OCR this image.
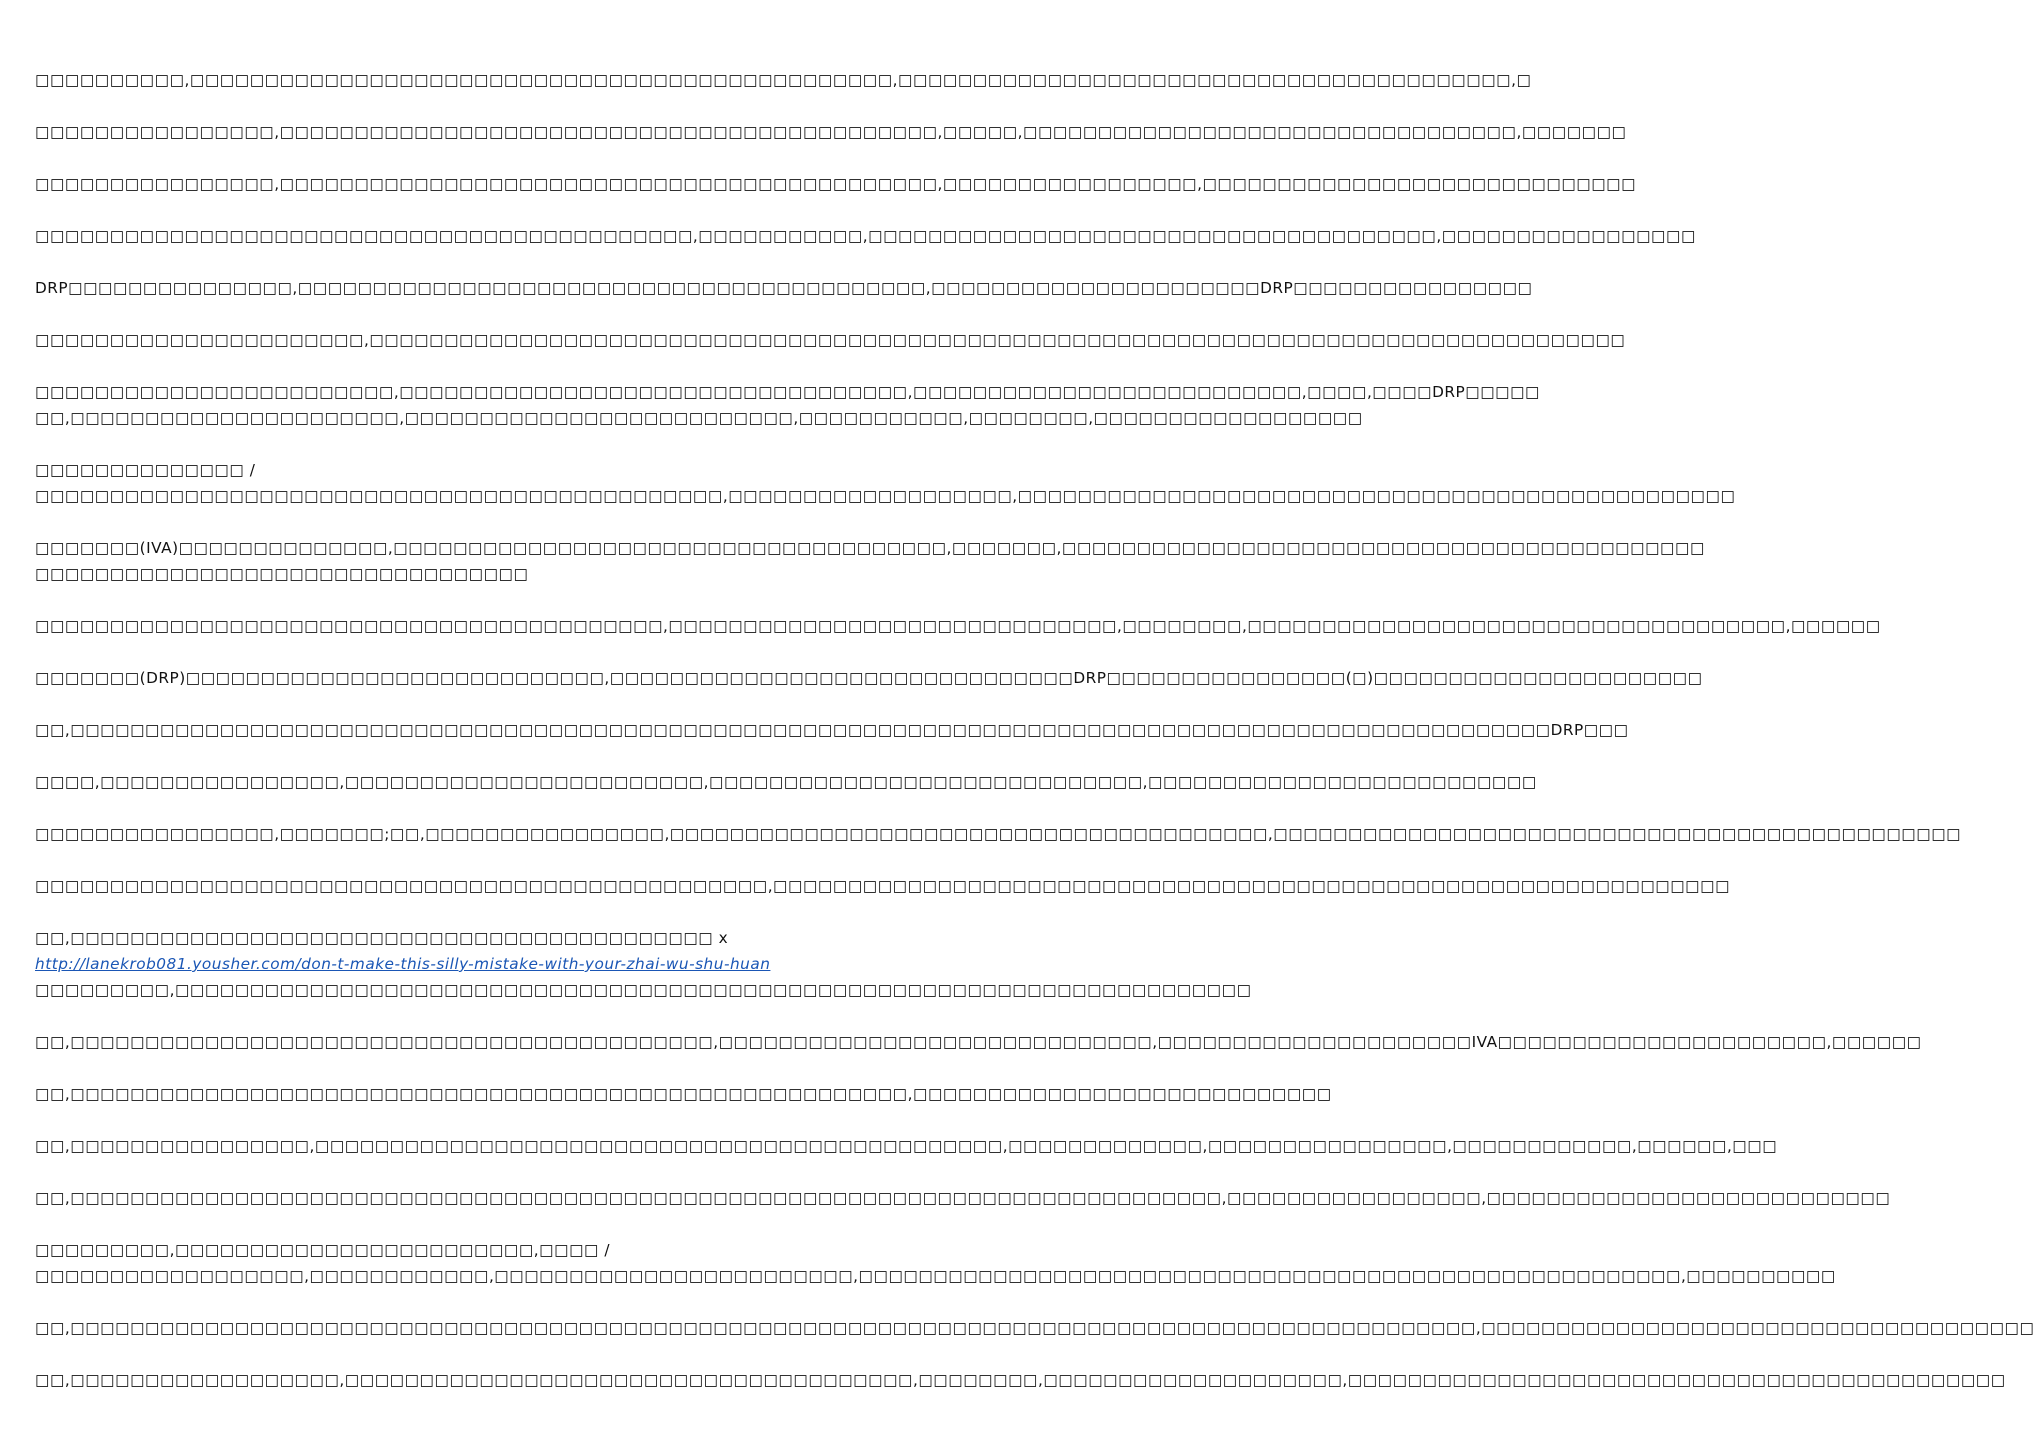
□□□□□□□□□□,□□□□□□□□□□□□□□□□□□□□□□□□□□□□□□□□□□□□□□□□□□□□□□□,□□□□□□□□□□□□□□□□□□□□□□□□□□□□□□□□□□□□□□□□□,□
□□□□□□□□□□□□□□□□,□□□□□□□□□□□□□□□□□□□□□□□□□□□□□□□□□□□□□□□□□□□□,□□□□□,□□□□□□□□□□□□□□□□□□□□□□□□□□□□□□□□□,□□□□□□□
□□□□□□□□□□□□□□□□,□□□□□□□□□□□□□□□□□□□□□□□□□□□□□□□□□□□□□□□□□□□□,□□□□□□□□□□□□□□□□□,□□□□□□□□□□□□□□□□□□□□□□□□□□□□□
□□□□□□□□□□□□□□□□□□□□□□□□□□□□□□□□□□□□□□□□□□□□,□□□□□□□□□□□,□□□□□□□□□□□□□□□□□□□□□□□□□□□□□□□□□□□□□□,□□□□□□□□□□□□□□□□□
DRP□□□□□□□□□□□□□□□,□□□□□□□□□□□□□□□□□□□□□□□□□□□□□□□□□□□□□□□□□□,□□□□□□□□□□□□□□□□□□□□□□DRP□□□□□□□□□□□□□□□□
□□□□□□□□□□□□□□□□□□□□□□,□□□□□□□□□□□□□□□□□□□□□□□□□□□□□□□□□□□□□□□□□□□□□□□□□□□□□□□□□□□□□□□□□□□□□□□□□□□□□□□□□□□□
□□□□□□□□□□□□□□□□□□□□□□□□,□□□□□□□□□□□□□□□□□□□□□□□□□□□□□□□□□□,□□□□□□□□□□□□□□□□□□□□□□□□□□,□□□□,□□□□DRP□□□□□
□□,□□□□□□□□□□□□□□□□□□□□□□,□□□□□□□□□□□□□□□□□□□□□□□□□□,□□□□□□□□□□□,□□□□□□□□,□□□□□□□□□□□□□□□□□□
□□□□□□□□□□□□□□ /
□□□□□□□□□□□□□□□□□□□□□□□□□□□□□□□□□□□□□□□□□□□□□□,□□□□□□□□□□□□□□□□□□□,□□□□□□□□□□□□□□□□□□□□□□□□□□□□□□□□□□□□□□□□□□□□□□□□
□□□□□□□(IVA)□□□□□□□□□□□□□□,□□□□□□□□□□□□□□□□□□□□□□□□□□□□□□□□□□□□□,□□□□□□□,□□□□□□□□□□□□□□□□□□□□□□□□□□□□□□□□□□□□□□□□□□□
□□□□□□□□□□□□□□□□□□□□□□□□□□□□□□□□□
□□□□□□□□□□□□□□□□□□□□□□□□□□□□□□□□□□□□□□□□□□,□□□□□□□□□□□□□□□□□□□□□□□□□□□□□□,□□□□□□□□,□□□□□□□□□□□□□□□□□□□□□□□□□□□□□□□□□□□□,□□□□□□
□□□□□□□(DRP)□□□□□□□□□□□□□□□□□□□□□□□□□□□□,□□□□□□□□□□□□□□□□□□□□□□□□□□□□□□□DRP□□□□□□□□□□□□□□□□(□)□□□□□□□□□□□□□□□□□□□□□□
□□,□□□□□□□□□□□□□□□□□□□□□□□□□□□□□□□□□□□□□□□□□□□□□□□□□□□□□□□□□□□□□□□□□□□□□□□□□□□□□□□□□□□□□□□□□□□□□□□□□□□DRP□□□
□□□□,□□□□□□□□□□□□□□□□,□□□□□□□□□□□□□□□□□□□□□□□□,□□□□□□□□□□□□□□□□□□□□□□□□□□□□□,□□□□□□□□□□□□□□□□□□□□□□□□□□
□□□□□□□□□□□□□□□□,□□□□□□□;□□,□□□□□□□□□□□□□□□□,□□□□□□□□□□□□□□□□□□□□□□□□□□□□□□□□□□□□□□□□,□□□□□□□□□□□□□□□□□□□□□□□□□□□□□□□□□□□□□□□□□□□□□□
□□□□□□□□□□□□□□□□□□□□□□□□□□□□□□□□□□□□□□□□□□□□□□□□□,□□□□□□□□□□□□□□□□□□□□□□□□□□□□□□□□□□□□□□□□□□□□□□□□□□□□□□□□□□□□□□□□
□□,□□□□□□□□□□□□□□□□□□□□□□□□□□□□□□□□□□□□□□□□□□□ x http://lanekrob081.yousher.com/don-t-make-this-silly-mistake-with-your-zhai-wu-shu-huan □□□□□□□□□,□□□□□□□□□□□□□□□□□□□□□□□□□□□□□□□□□□□□□□□□□□□□□□□□□□□□□□□□□□□□□□□□□□□□□□□□
□□,□□□□□□□□□□□□□□□□□□□□□□□□□□□□□□□□□□□□□□□□□□□,□□□□□□□□□□□□□□□□□□□□□□□□□□□□□,□□□□□□□□□□□□□□□□□□□□□IVA□□□□□□□□□□□□□□□□□□□□□□,□□□□□□
□□,□□□□□□□□□□□□□□□□□□□□□□□□□□□□□□□□□□□□□□□□□□□□□□□□□□□□□□□□,□□□□□□□□□□□□□□□□□□□□□□□□□□□□
□□,□□□□□□□□□□□□□□□□,□□□□□□□□□□□□□□□□□□□□□□□□□□□□□□□□□□□□□□□□□□□□□□,□□□□□□□□□□□□□,□□□□□□□□□□□□□□□□,□□□□□□□□□□□□,□□□□□□,□□□
□□,□□□□□□□□□□□□□□□□□□□□□□□□□□□□□□□□□□□□□□□□□□□□□□□□□□□□□□□□□□□□□□□□□□□□□□□□□□□□□,□□□□□□□□□□□□□□□□□,□□□□□□□□□□□□□□□□□□□□□□□□□□□
□□□□□□□□□,□□□□□□□□□□□□□□□□□□□□□□□□,□□□□ /
□□□□□□□□□□□□□□□□□□,□□□□□□□□□□□□,□□□□□□□□□□□□□□□□□□□□□□□□,□□□□□□□□□□□□□□□□□□□□□□□□□□□□□□□□□□□□□□□□□□□□□□□□□□□□□□□,□□□□□□□□□□
□□,□□□□□□□□□□□□□□□□□□□□□□□□□□□□□□□□□□□□□□□□□□□□□□□□□□□□□□□□□□□□□□□□□□□□□□□□□□□□□□□□□□□□□□□□□□□□□□,□□□□□□□□□□□□□□□□□□□□□□□□□□□□□□□□□□□□□
□□,□□□□□□□□□□□□□□□□□□,□□□□□□□□□□□□□□□□□□□□□□□□□□□□□□□□□□□□□□,□□□□□□□□,□□□□□□□□□□□□□□□□□□□□,□□□□□□□□□□□□□□□□□□□□□□□□□□□□□□□□□□□□□□□□□□□□
